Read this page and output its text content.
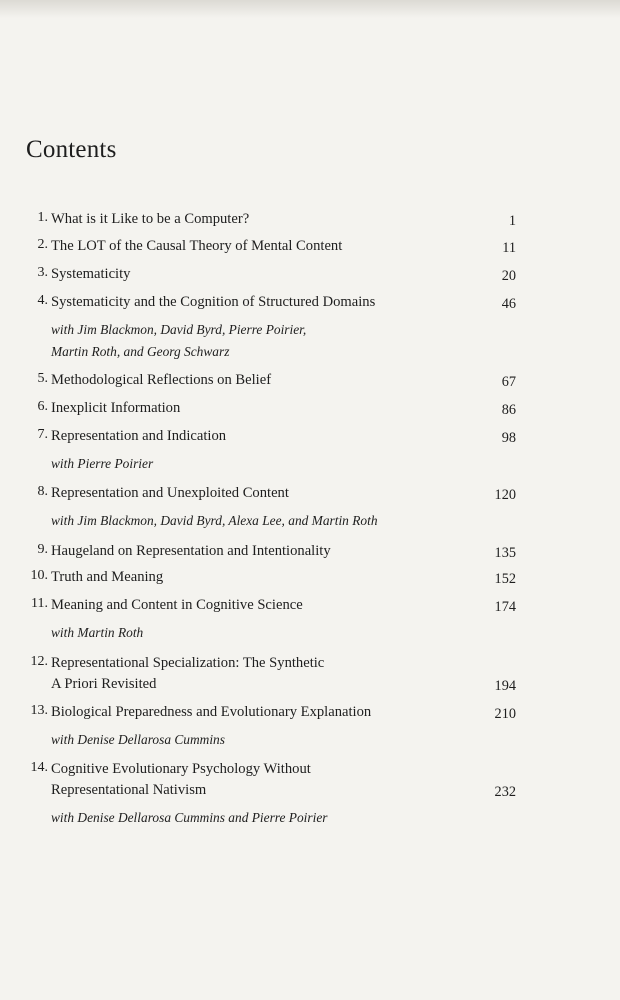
Contents
1. What is it Like to be a Computer?	1
2. The LOT of the Causal Theory of Mental Content	11
3. Systematicity	20
4. Systematicity and the Cognition of Structured Domains	46
with Jim Blackmon, David Byrd, Pierre Poirier,
Martin Roth, and Georg Schwarz
5. Methodological Reflections on Belief	67
6. Inexplicit Information	86
7. Representation and Indication	98
with Pierre Poirier
8. Representation and Unexploited Content	120
with Jim Blackmon, David Byrd, Alexa Lee, and Martin Roth
9. Haugeland on Representation and Intentionality	135
10. Truth and Meaning	152
11. Meaning and Content in Cognitive Science	174
with Martin Roth
12. Representational Specialization: The Synthetic
A Priori Revisited	194
13. Biological Preparedness and Evolutionary Explanation	210
with Denise Dellarosa Cummins
14. Cognitive Evolutionary Psychology Without
Representational Nativism	232
with Denise Dellarosa Cummins and Pierre Poirier
